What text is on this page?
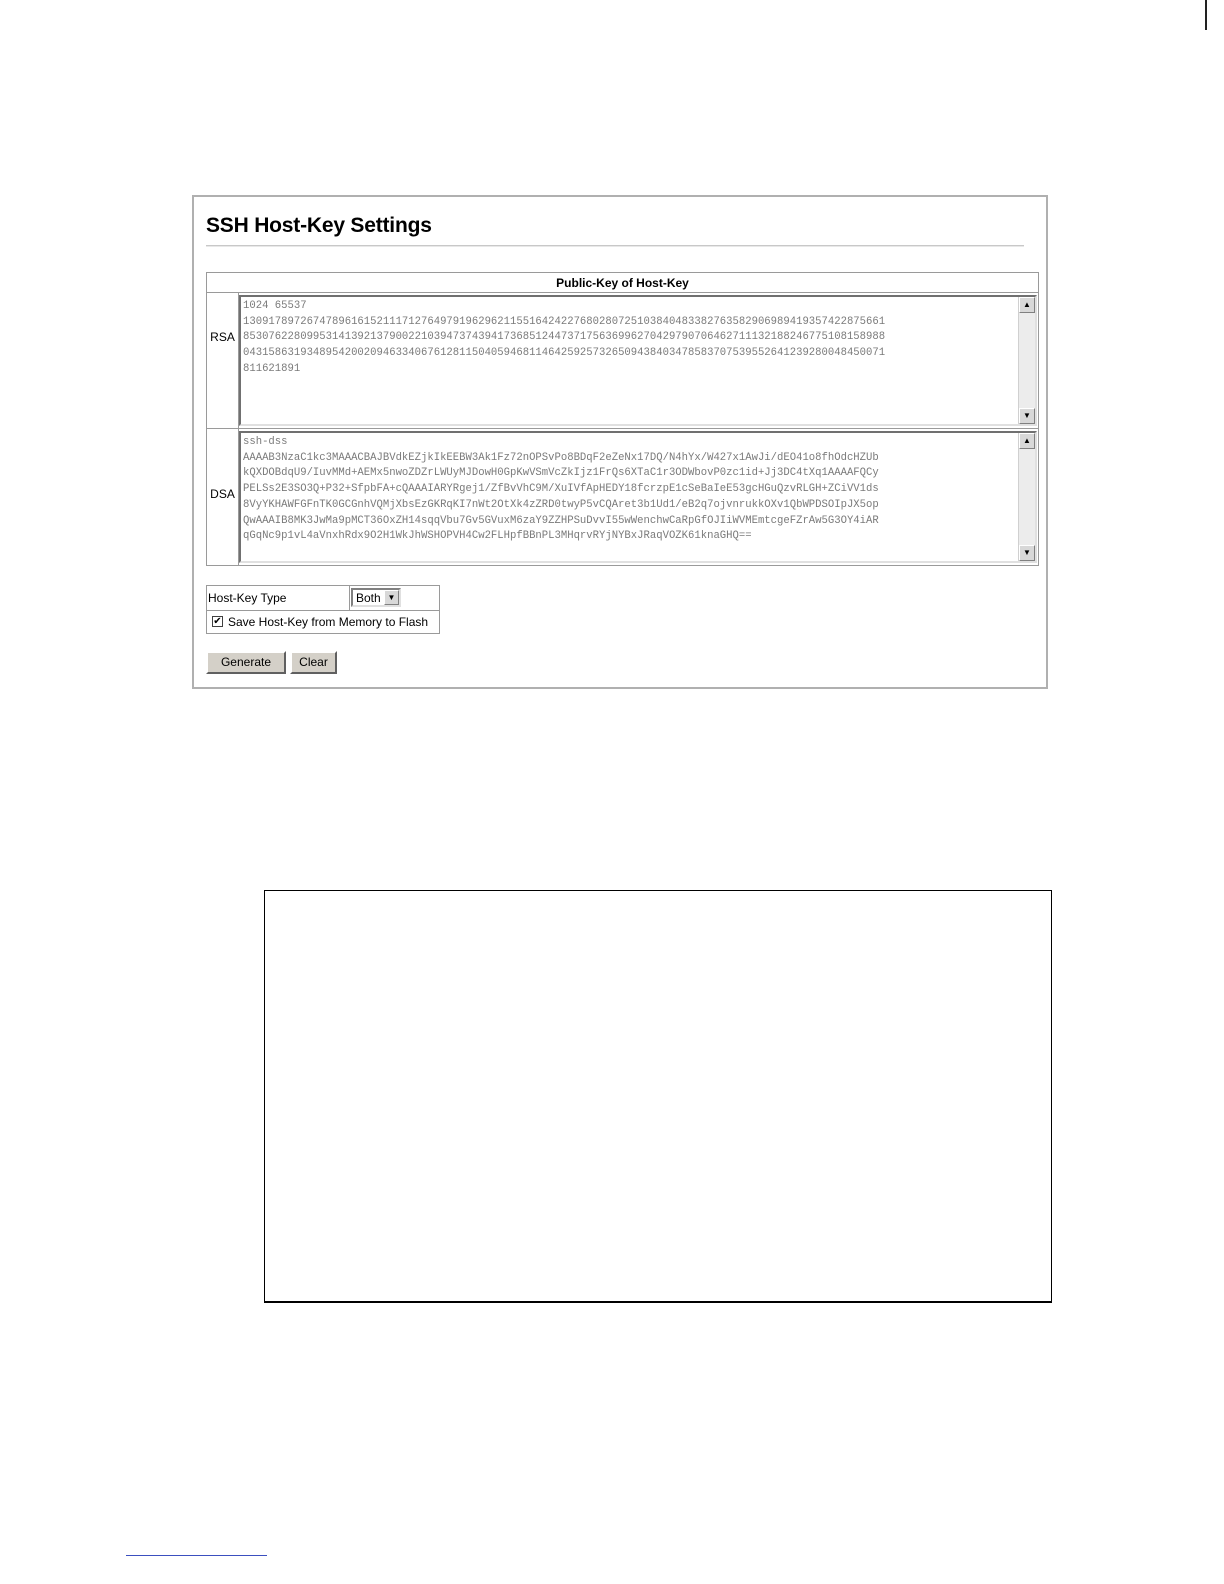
SSH Host-Key Settings
Public-Key of Host-Key
RSA
1024 65537
13091789726747896161521117127649791962962115516424227680280725103840483382763582906989419357422875661
85307622809953141392137900221039473743941736851244737175636996270429790706462711132188246775108158988
04315863193489542002094633406761281150405946811464259257326509438403478583707539552641239280048450071
811621891
▲
▼
DSA
ssh-dss
AAAAB3NzaC1kc3MAAACBAJBVdkEZjkIkEEBW3Ak1Fz72nOPSvPo8BDqF2eZeNx17DQ/N4hYx/W427x1AwJi/dEO41o8fhOdcHZUb
kQXDOBdqU9/IuvMMd+AEMx5nwoZDZrLWUyMJDowH0GpKwVSmVcZkIjz1FrQs6XTaC1r3ODWbovP0zc1id+Jj3DC4tXq1AAAAFQCy
PELSs2E3SO3Q+P32+SfpbFA+cQAAAIARYRgej1/ZfBvVhC9M/XuIVfApHEDY18fcrzpE1cSeBaIeE53gcHGuQzvRLGH+ZCiVV1ds
8VyYKHAWFGFnTK0GCGnhVQMjXbsEzGKRqKI7nWt2OtXk4zZRD0twyP5vCQAret3b1Ud1/eB2q7ojvnrukkOXv1QbWPDSOIpJX5op
QwAAAIB8MK3JwMa9pMCT36OxZH14sqqVbu7Gv5GVuxM6zaY9ZZHPSuDvvI55wWenchwCaRpGfOJIiWVMEmtcgeFZrAw5G3OY4iAR
qGqNc9p1vL4aVnxhRdx9O2H1WkJhWSHOPVH4Cw2FLHpfBBnPL3MHqrvRYjNYBxJRaqVOZK61knaGHQ==
▲
▼
Host-Key Type	Both ▼
✔ Save Host-Key from Memory to Flash
Generate	Clear
